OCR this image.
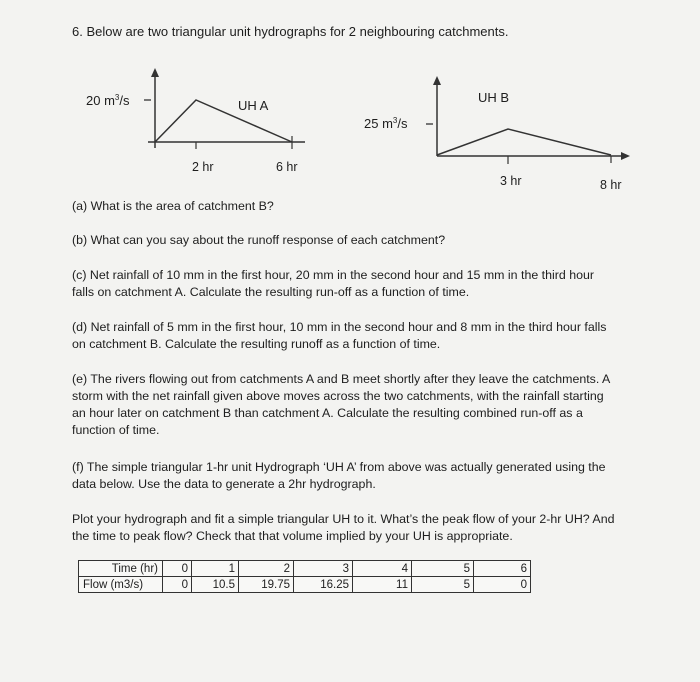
6. Below are two triangular unit hydrographs for 2 neighbouring catchments.
20 $m^3/s$	UH A
2 hr	6 hr
UH B
25 $m^3/s$
3 hr	8 hr

(a) What is the area of catchment B?

(b) What can you say about the runoff response of each catchment?

(c) Net rainfall of 10 mm in the first hour, 20 mm in the second hour and 15 mm in the third hour
falls on catchment A. Calculate the resulting run-off as a function of time.

(d) Net rainfall of 5 mm in the first hour, 10 mm in the second hour and 8 mm in the third hour falls
on catchment B. Calculate the resulting runoff as a function of time.

(e) The rivers flowing out from catchments A and B meet shortly after they leave the catchments. A
storm with the net rainfall given above moves across the two catchments, with the rainfall starting
an hour later on catchment B than catchment A. Calculate the resulting combined run-off as a
function of time.

(f) The simple triangular 1-hr unit Hydrograph ‘UH A’ from above was actually generated using the
data below. Use the data to generate a 2hr hydrograph.

Plot your hydrograph and fit a simple triangular UH to it. What’s the peak flow of your 2-hr UH? And
the time to peak flow? Check that that volume implied by your UH is appropriate.

Time (hr)	0	1	2	3	4	5	6
Flow (m3/s)	0	10.5	19.75	16.25	11	5	0
